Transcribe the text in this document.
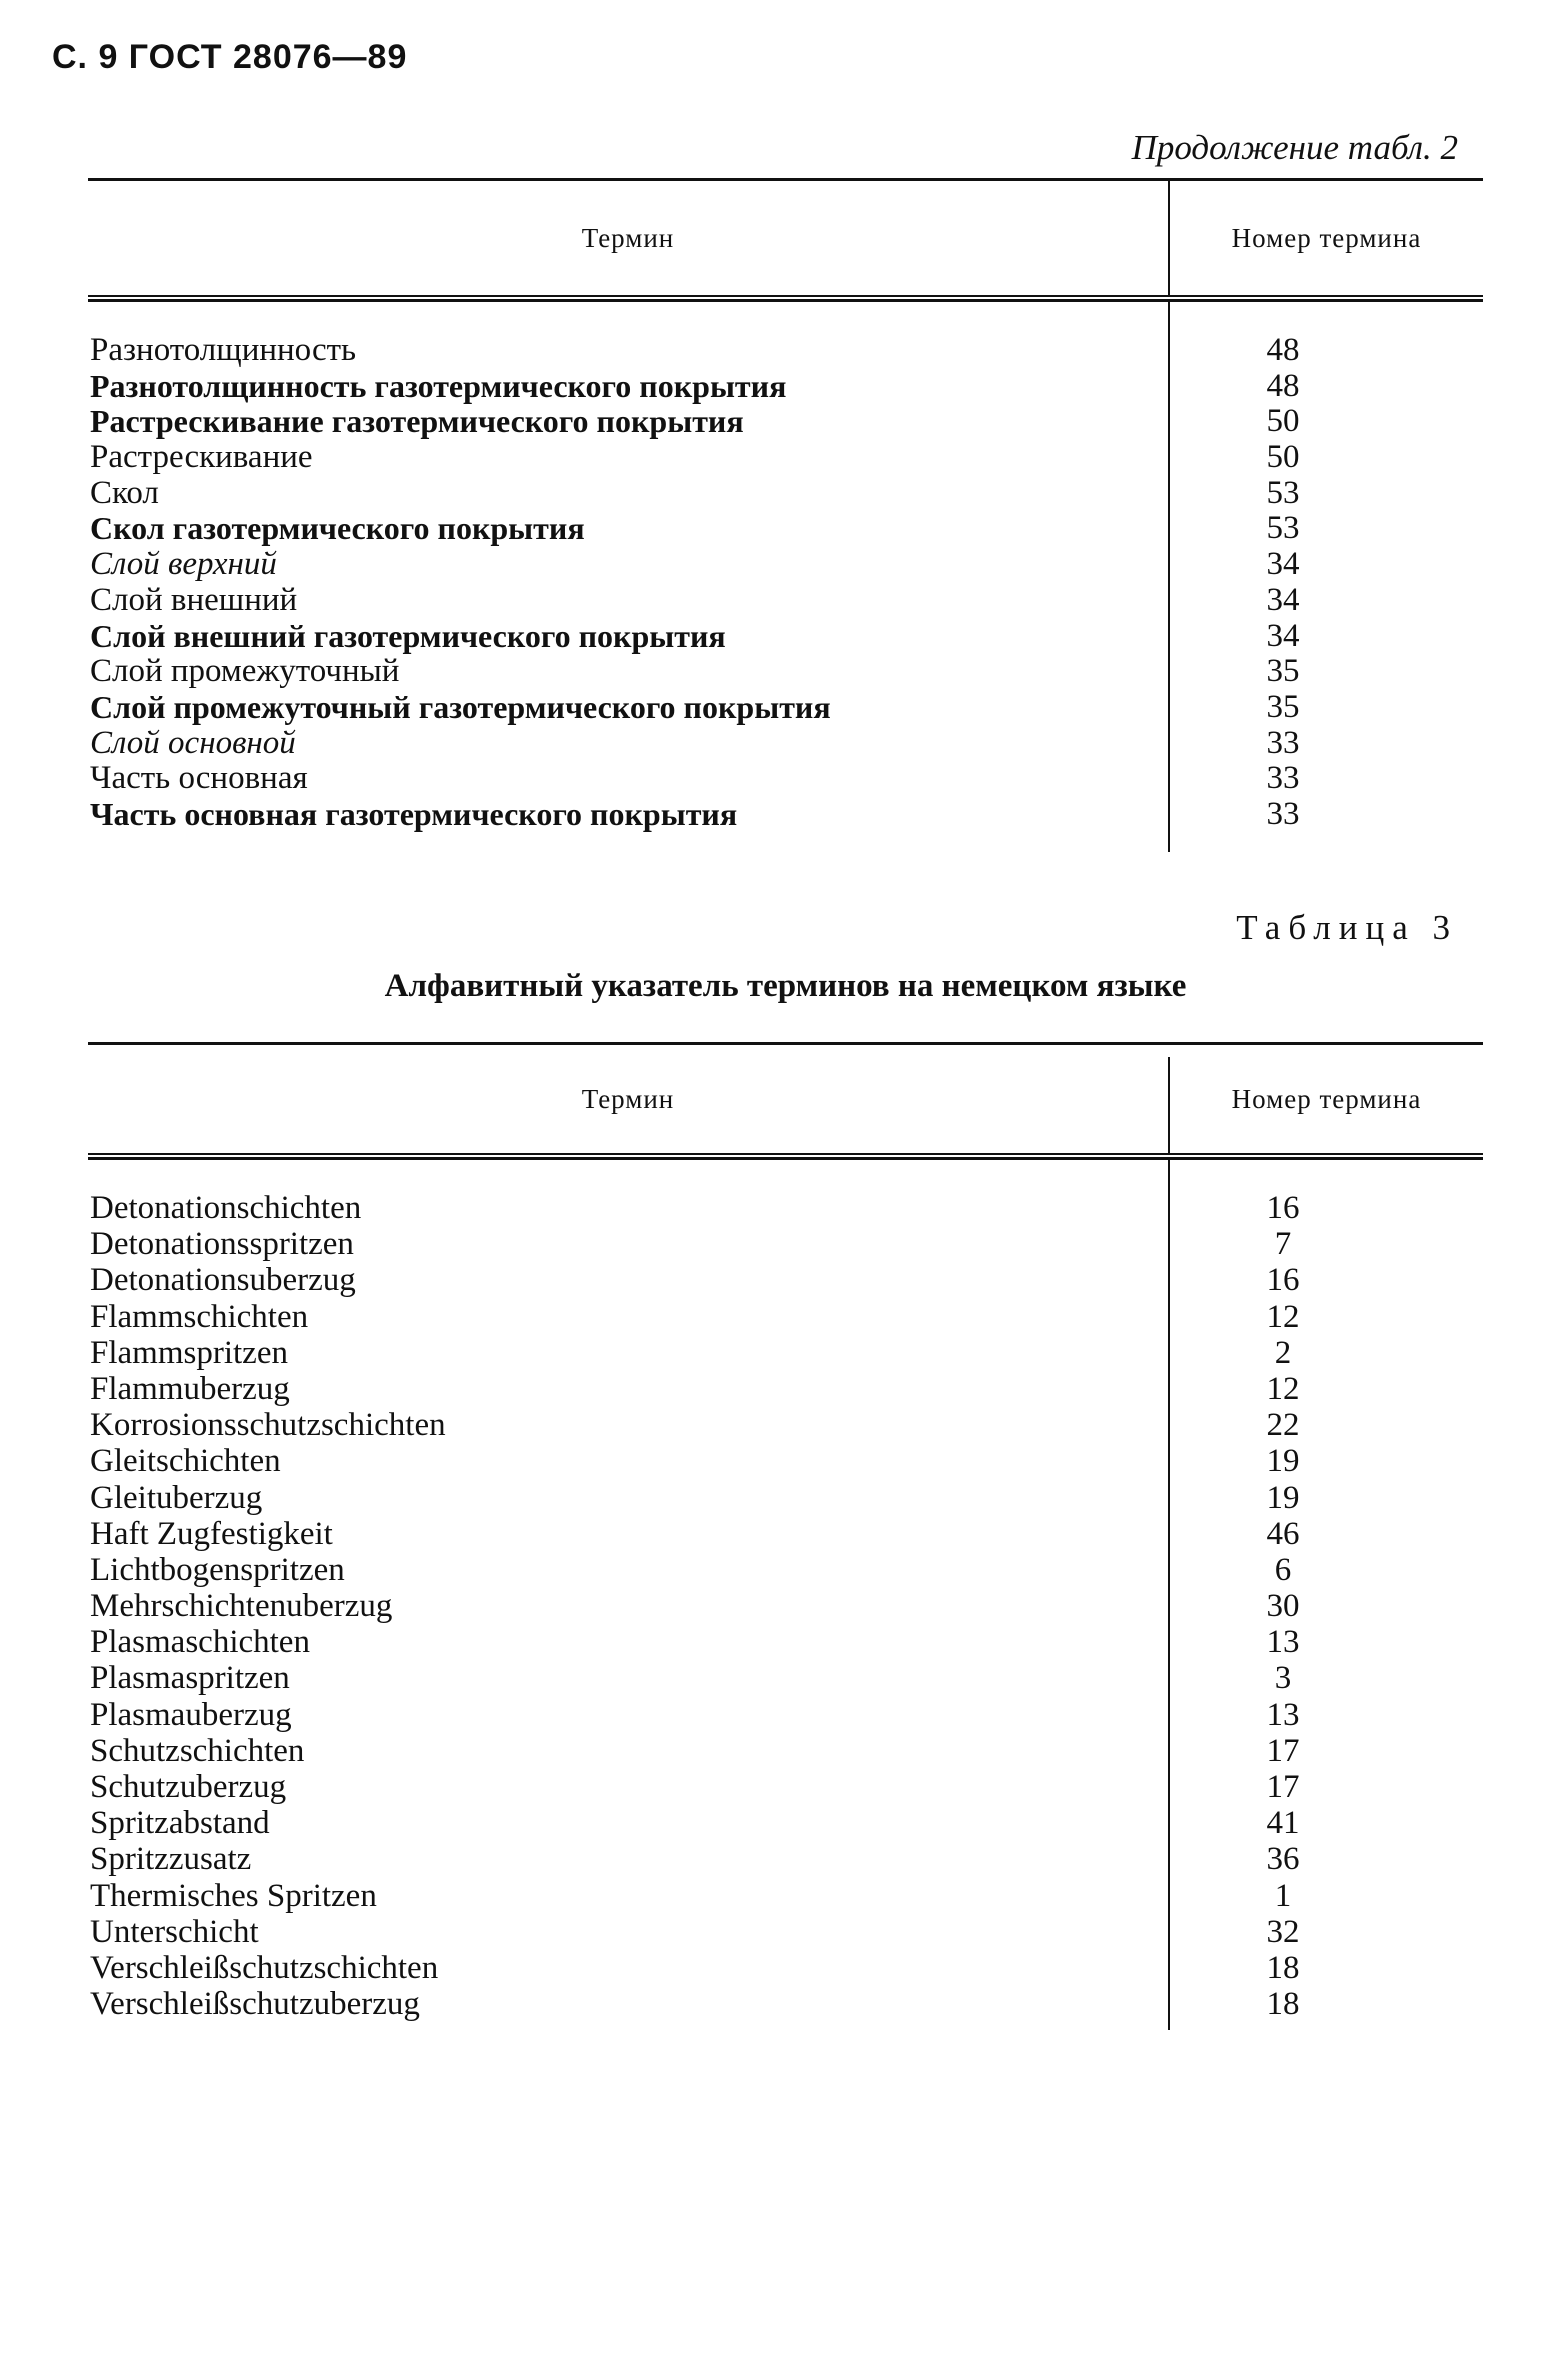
С. 9 ГОСТ 28076—89
Продолжение табл. 2
Термин	Номер термина
Разнотолщинность	48
Разнотолщинность газотермического покрытия	48
Растрескивание газотермического покрытия	50
Растрескивание	50
Скол	53
Скол газотермического покрытия	53
Слой верхний	34
Слой внешний	34
Слой внешний газотермического покрытия	34
Слой промежуточный	35
Слой промежуточный газотермического покрытия	35
Слой основной	33
Часть основная	33
Часть основная газотермического покрытия	33
Таблица 3
Алфавитный указатель терминов на немецком языке
Термин	Номер термина
Detonationschichten	16
Detonationsspritzen	7
Detonationsuberzug	16
Flammschichten	12
Flammspritzen	2
Flammuberzug	12
Korrosionsschutzschichten	22
Gleitschichten	19
Gleituberzug	19
Haft Zugfestigkeit	46
Lichtbogenspritzen	6
Mehrschichtenuberzug	30
Plasmaschichten	13
Plasmaspritzen	3
Plasmauberzug	13
Schutzschichten	17
Schutzuberzug	17
Spritzabstand	41
Spritzzusatz	36
Thermisches Spritzen	1
Unterschicht	32
Verschleißschutzschichten	18
Verschleißschutzuberzug	18
